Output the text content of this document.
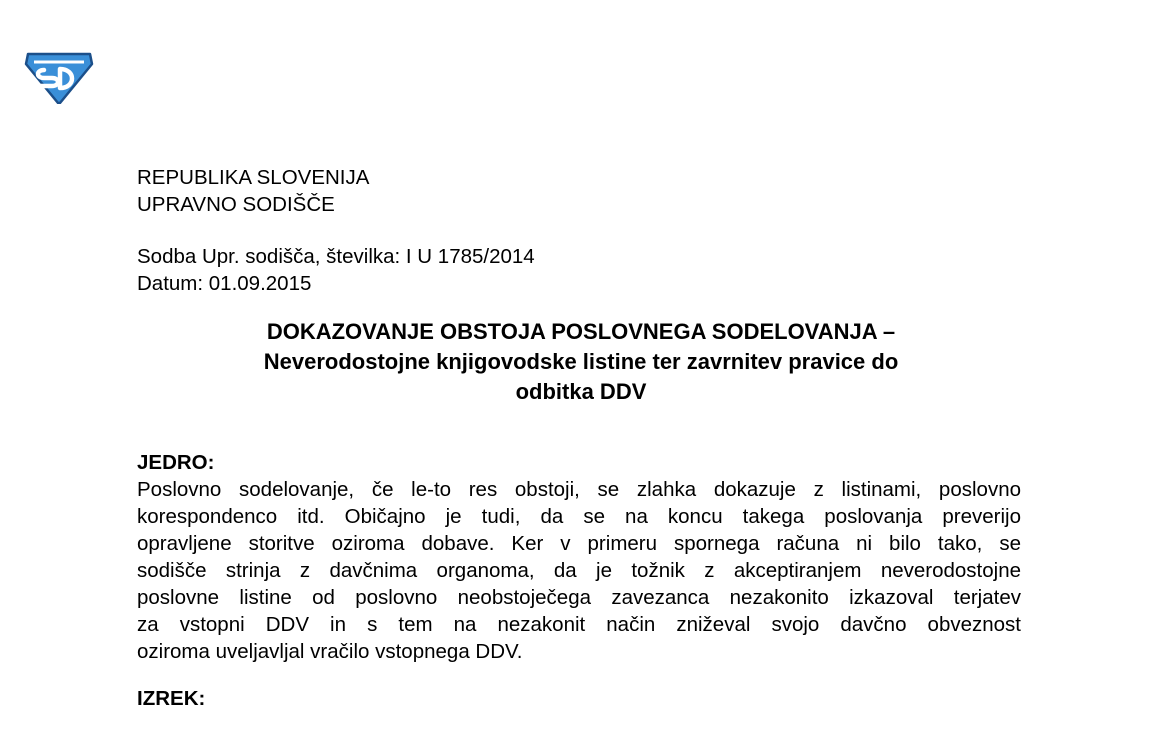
REPUBLIKA SLOVENIJA
UPRAVNO SODIŠČE
Sodba Upr. sodišča, številka: I U 1785/2014
Datum: 01.09.2015
DOKAZOVANJE OBSTOJA POSLOVNEGA SODELOVANJA –
Neverodostojne knjigovodske listine ter zavrnitev pravice do
odbitka DDV
JEDRO:
Poslovno sodelovanje, če le-to res obstoji, se zlahka dokazuje z listinami, poslovno
korespondenco itd. Običajno je tudi, da se na koncu takega poslovanja preverijo
opravljene storitve oziroma dobave. Ker v primeru spornega računa ni bilo tako, se
sodišče strinja z davčnima organoma, da je tožnik z akceptiranjem neverodostojne
poslovne listine od poslovno neobstoječega zavezanca nezakonito izkazoval terjatev
za vstopni DDV in s tem na nezakonit način zniževal svojo davčno obveznost
oziroma uveljavljal vračilo vstopnega DDV.
IZREK:
